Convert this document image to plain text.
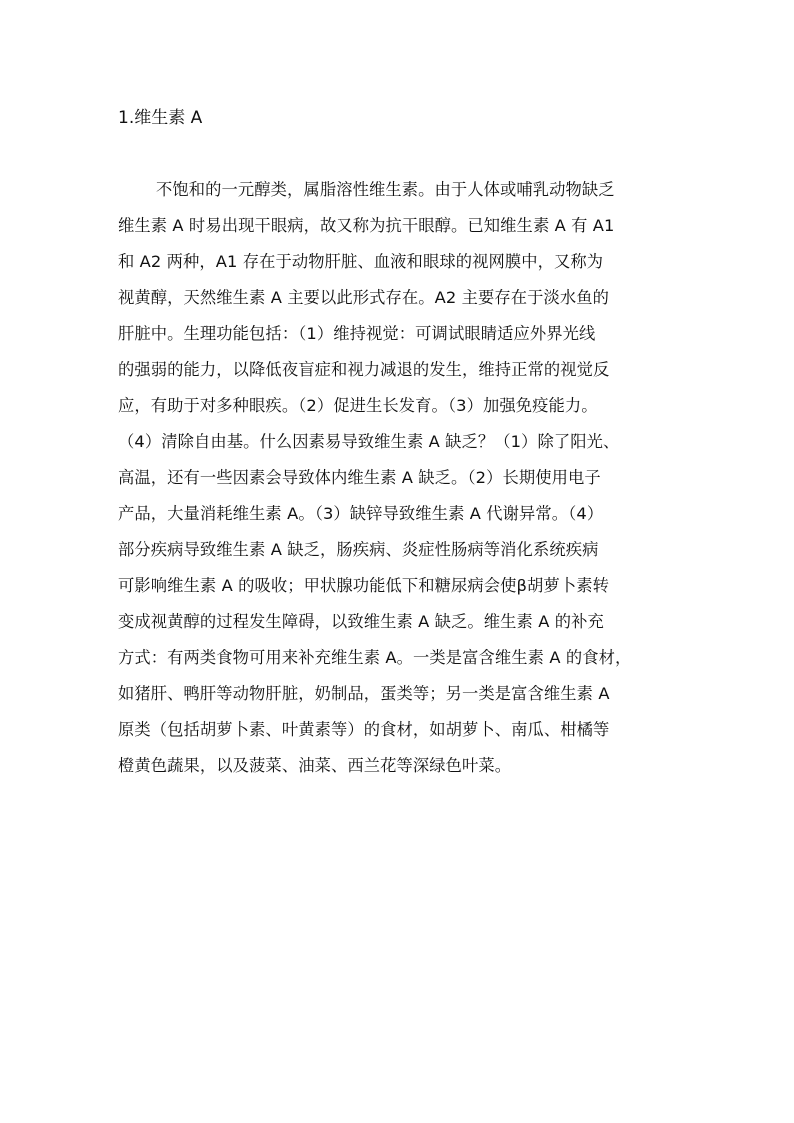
1.维生素 A
不饱和的一元醇类，属脂溶性维生素。由于人体或哺乳动物缺乏
维生素 A 时易出现干眼病，故又称为抗干眼醇。已知维生素 A 有 A1
和 A2 两种，A1 存在于动物肝脏、血液和眼球的视网膜中，又称为
视黄醇，天然维生素 A 主要以此形式存在。A2 主要存在于淡水鱼的
肝脏中。生理功能包括：（1）维持视觉：可调试眼睛适应外界光线
的强弱的能力，以降低夜盲症和视力减退的发生，维持正常的视觉反
应，有助于对多种眼疾。（2）促进生长发育。（3）加强免疫能力。
（4）清除自由基。什么因素易导致维生素 A 缺乏？（1）除了阳光、
高温，还有一些因素会导致体内维生素 A 缺乏。（2）长期使用电子
产品，大量消耗维生素 A。（3）缺锌导致维生素 A 代谢异常。（4）
部分疾病导致维生素 A 缺乏，肠疾病、炎症性肠病等消化系统疾病
可影响维生素 A 的吸收；甲状腺功能低下和糖尿病会使β胡萝卜素转
变成视黄醇的过程发生障碍，以致维生素 A 缺乏。维生素 A 的补充
方式：有两类食物可用来补充维生素 A。一类是富含维生素 A 的食材，
如猪肝、鸭肝等动物肝脏，奶制品，蛋类等；另一类是富含维生素 A
原类（包括胡萝卜素、叶黄素等）的食材，如胡萝卜、南瓜、柑橘等
橙黄色蔬果，以及菠菜、油菜、西兰花等深绿色叶菜。
